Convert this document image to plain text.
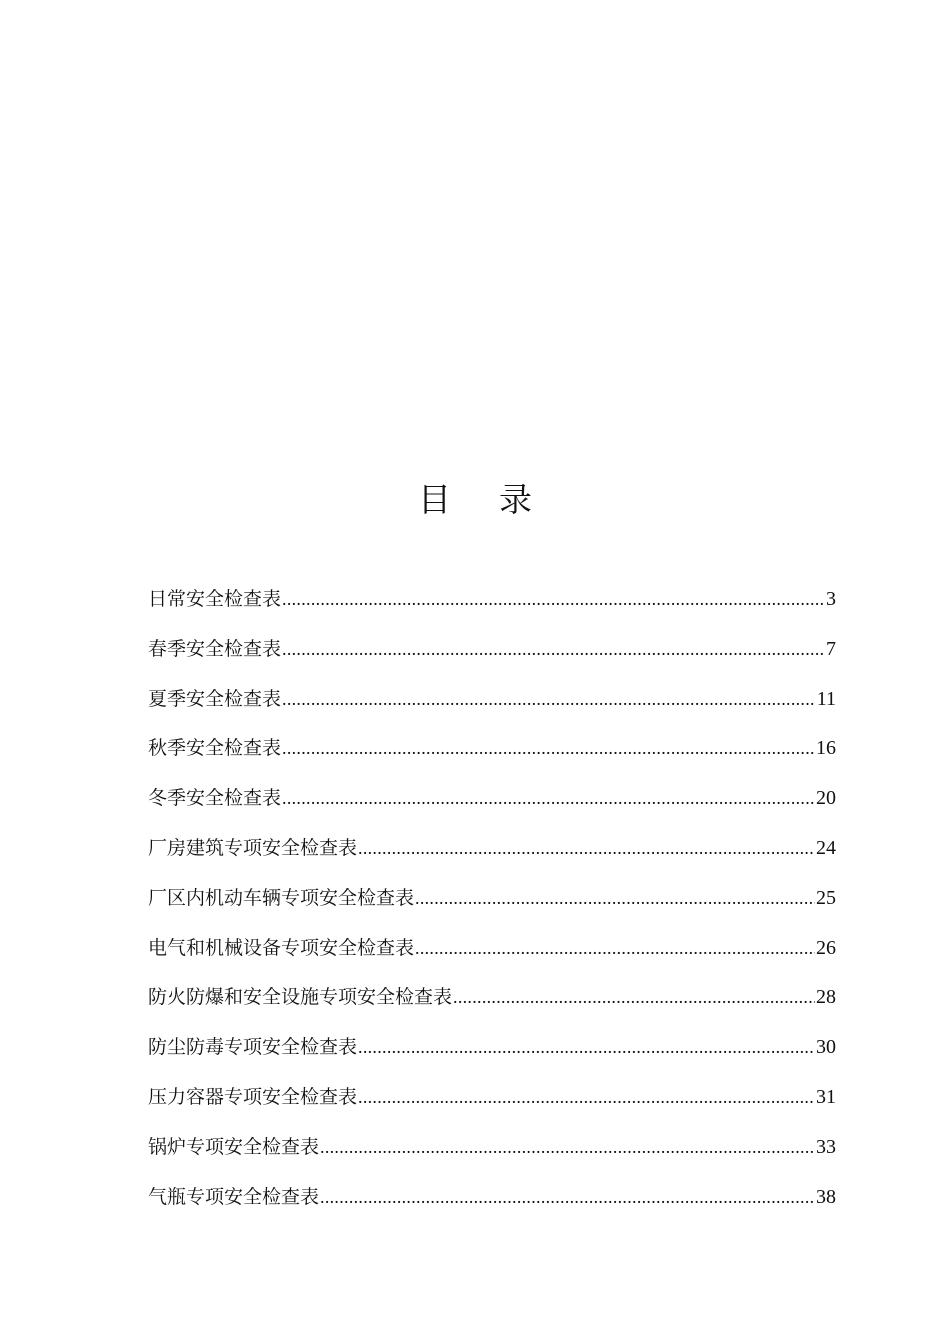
目 录
日常安全检查表 .....	3
春季安全检查表 .....	7
夏季安全检查表 .....	11
秋季安全检查表 .....	16
冬季安全检查表 .....	20
厂房建筑专项安全检查表 .....	24
厂区内机动车辆专项安全检查表 .....	25
电气和机械设备专项安全检查表 .....	26
防火防爆和安全设施专项安全检查表 .....	28
防尘防毒专项安全检查表 .....	30
压力容器专项安全检查表 .....	31
锅炉专项安全检查表 .....	33
气瓶专项安全检查表 .....	38
